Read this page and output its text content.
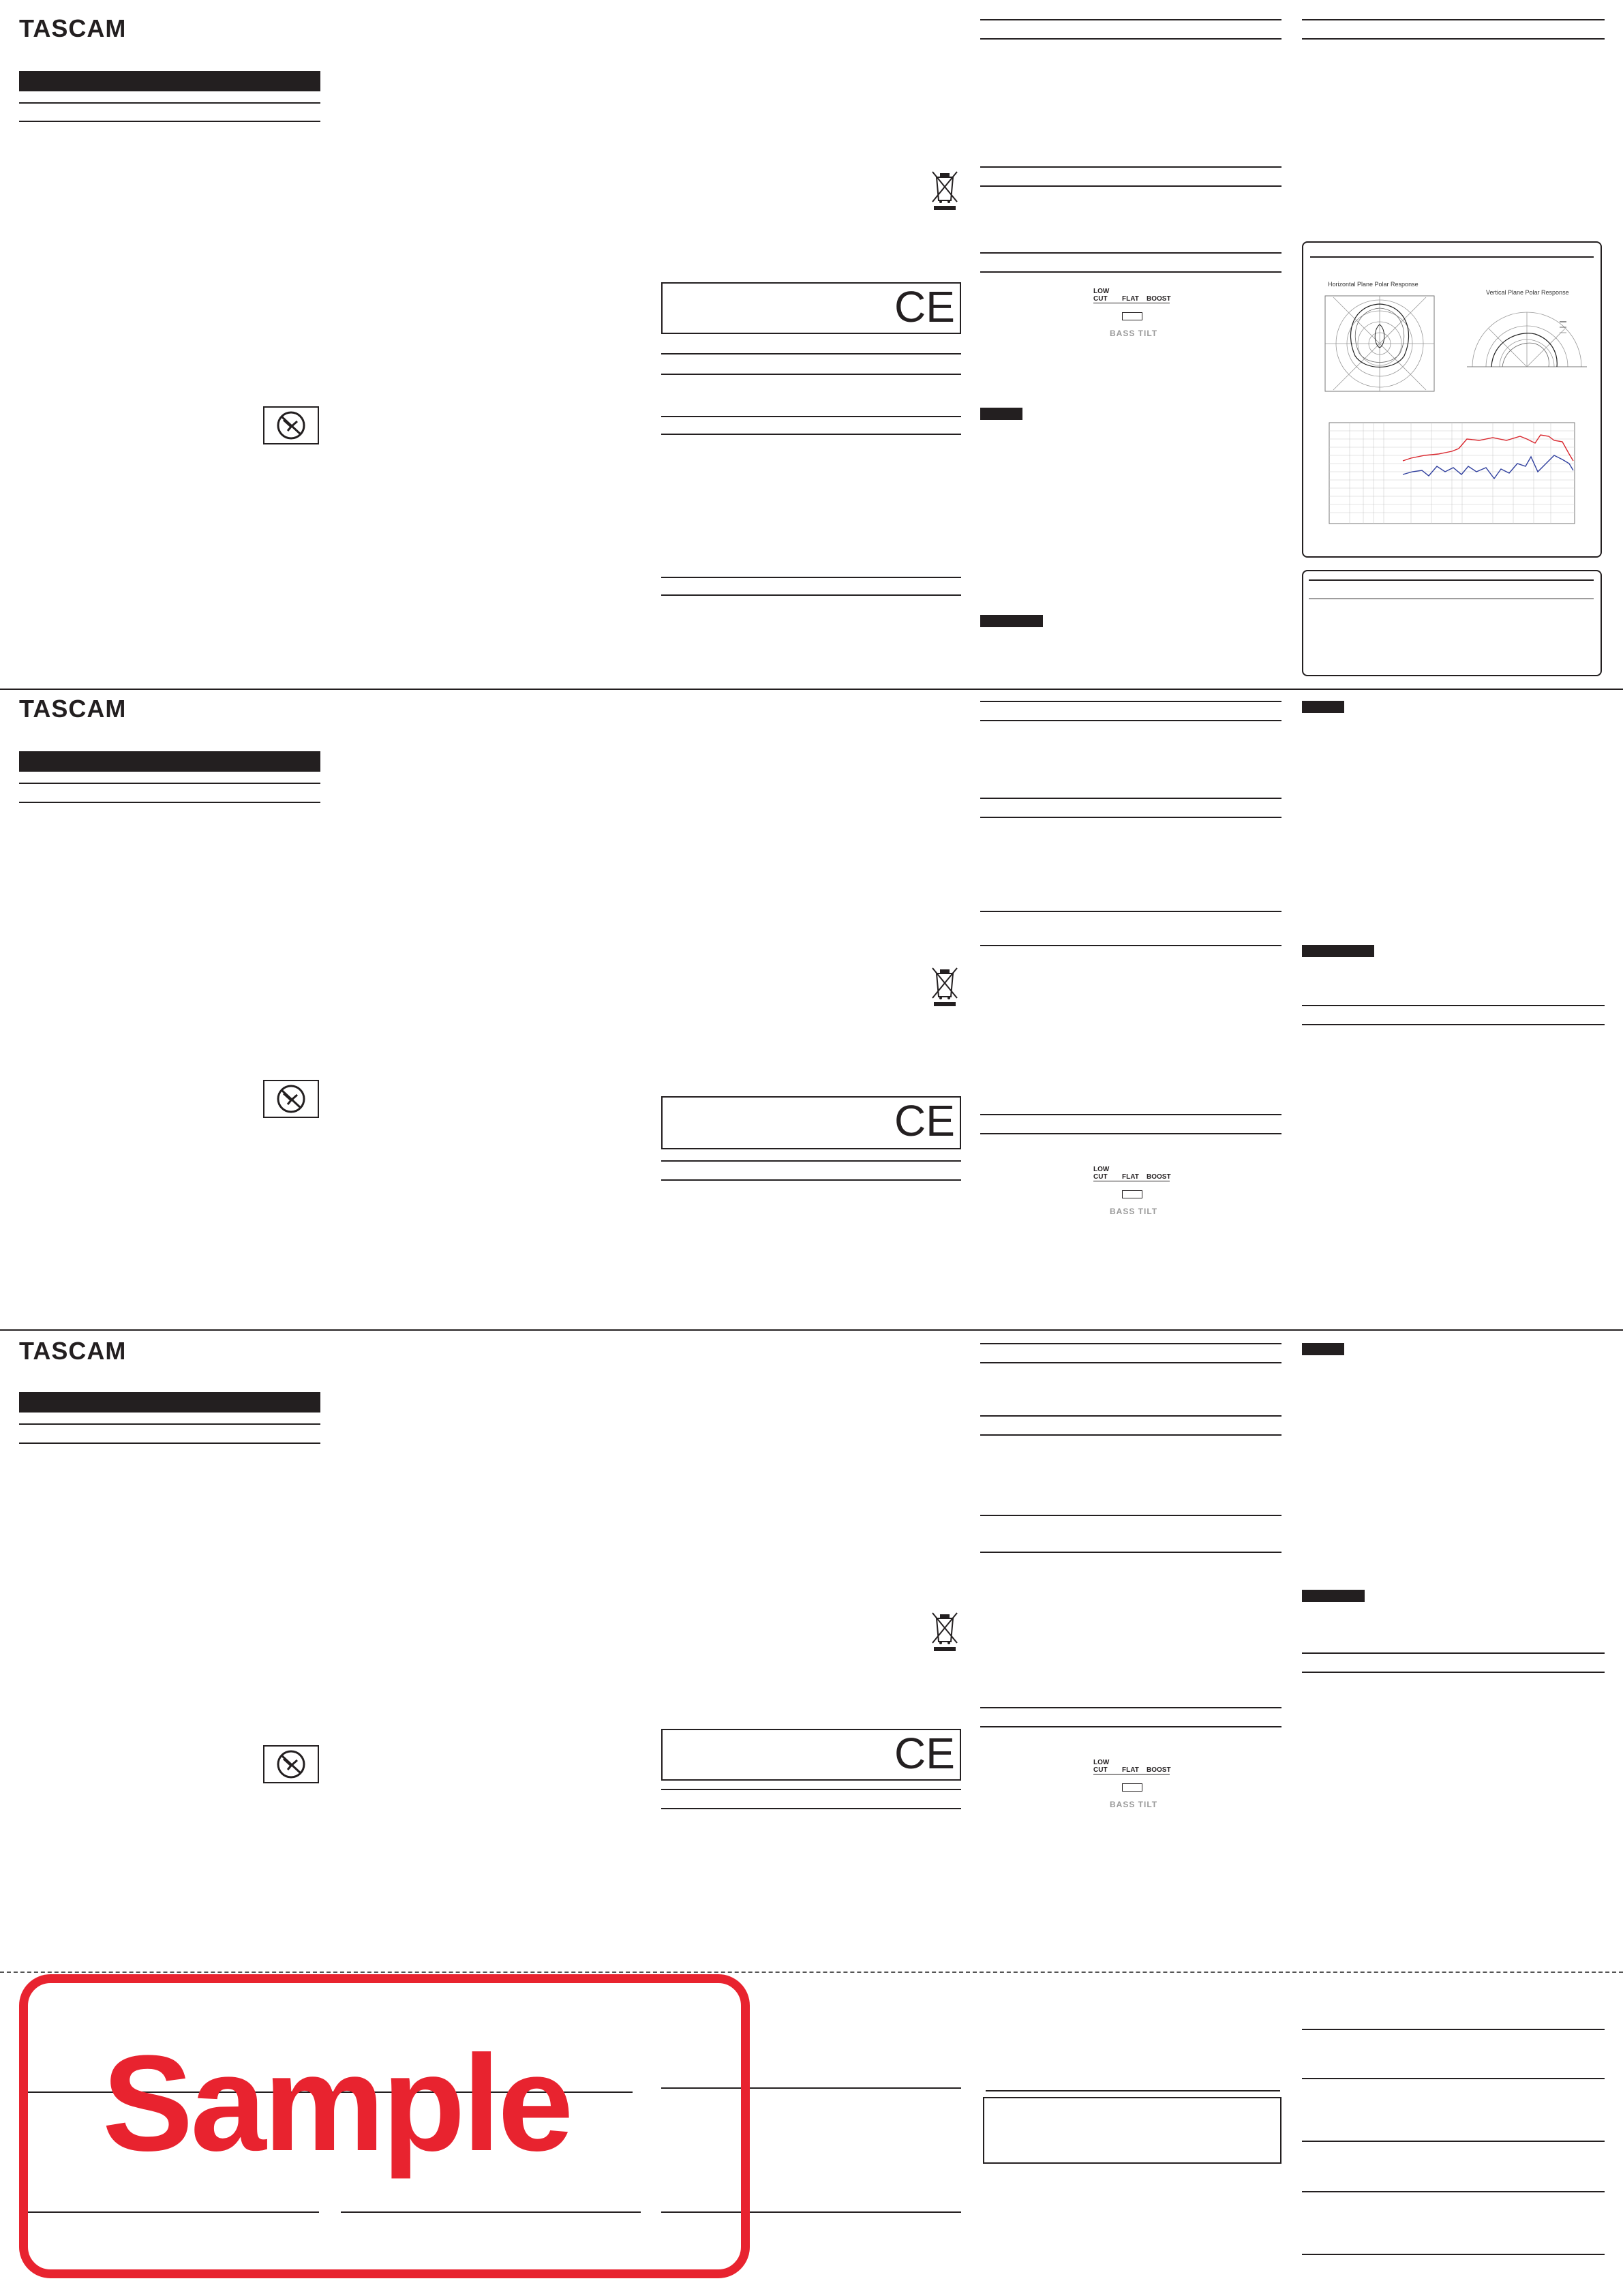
TASCAM
CE	LOW
CUT FLAT BOOST
BASS TILT
Horizontal Plane Polar Response
Vertical Plane Polar Response
TASCAM
CE
LOW
CUT FLAT BOOST
BASS TILT
TASCAM
CE	LOW
CUT FLAT BOOST
BASS TILT
Sample
